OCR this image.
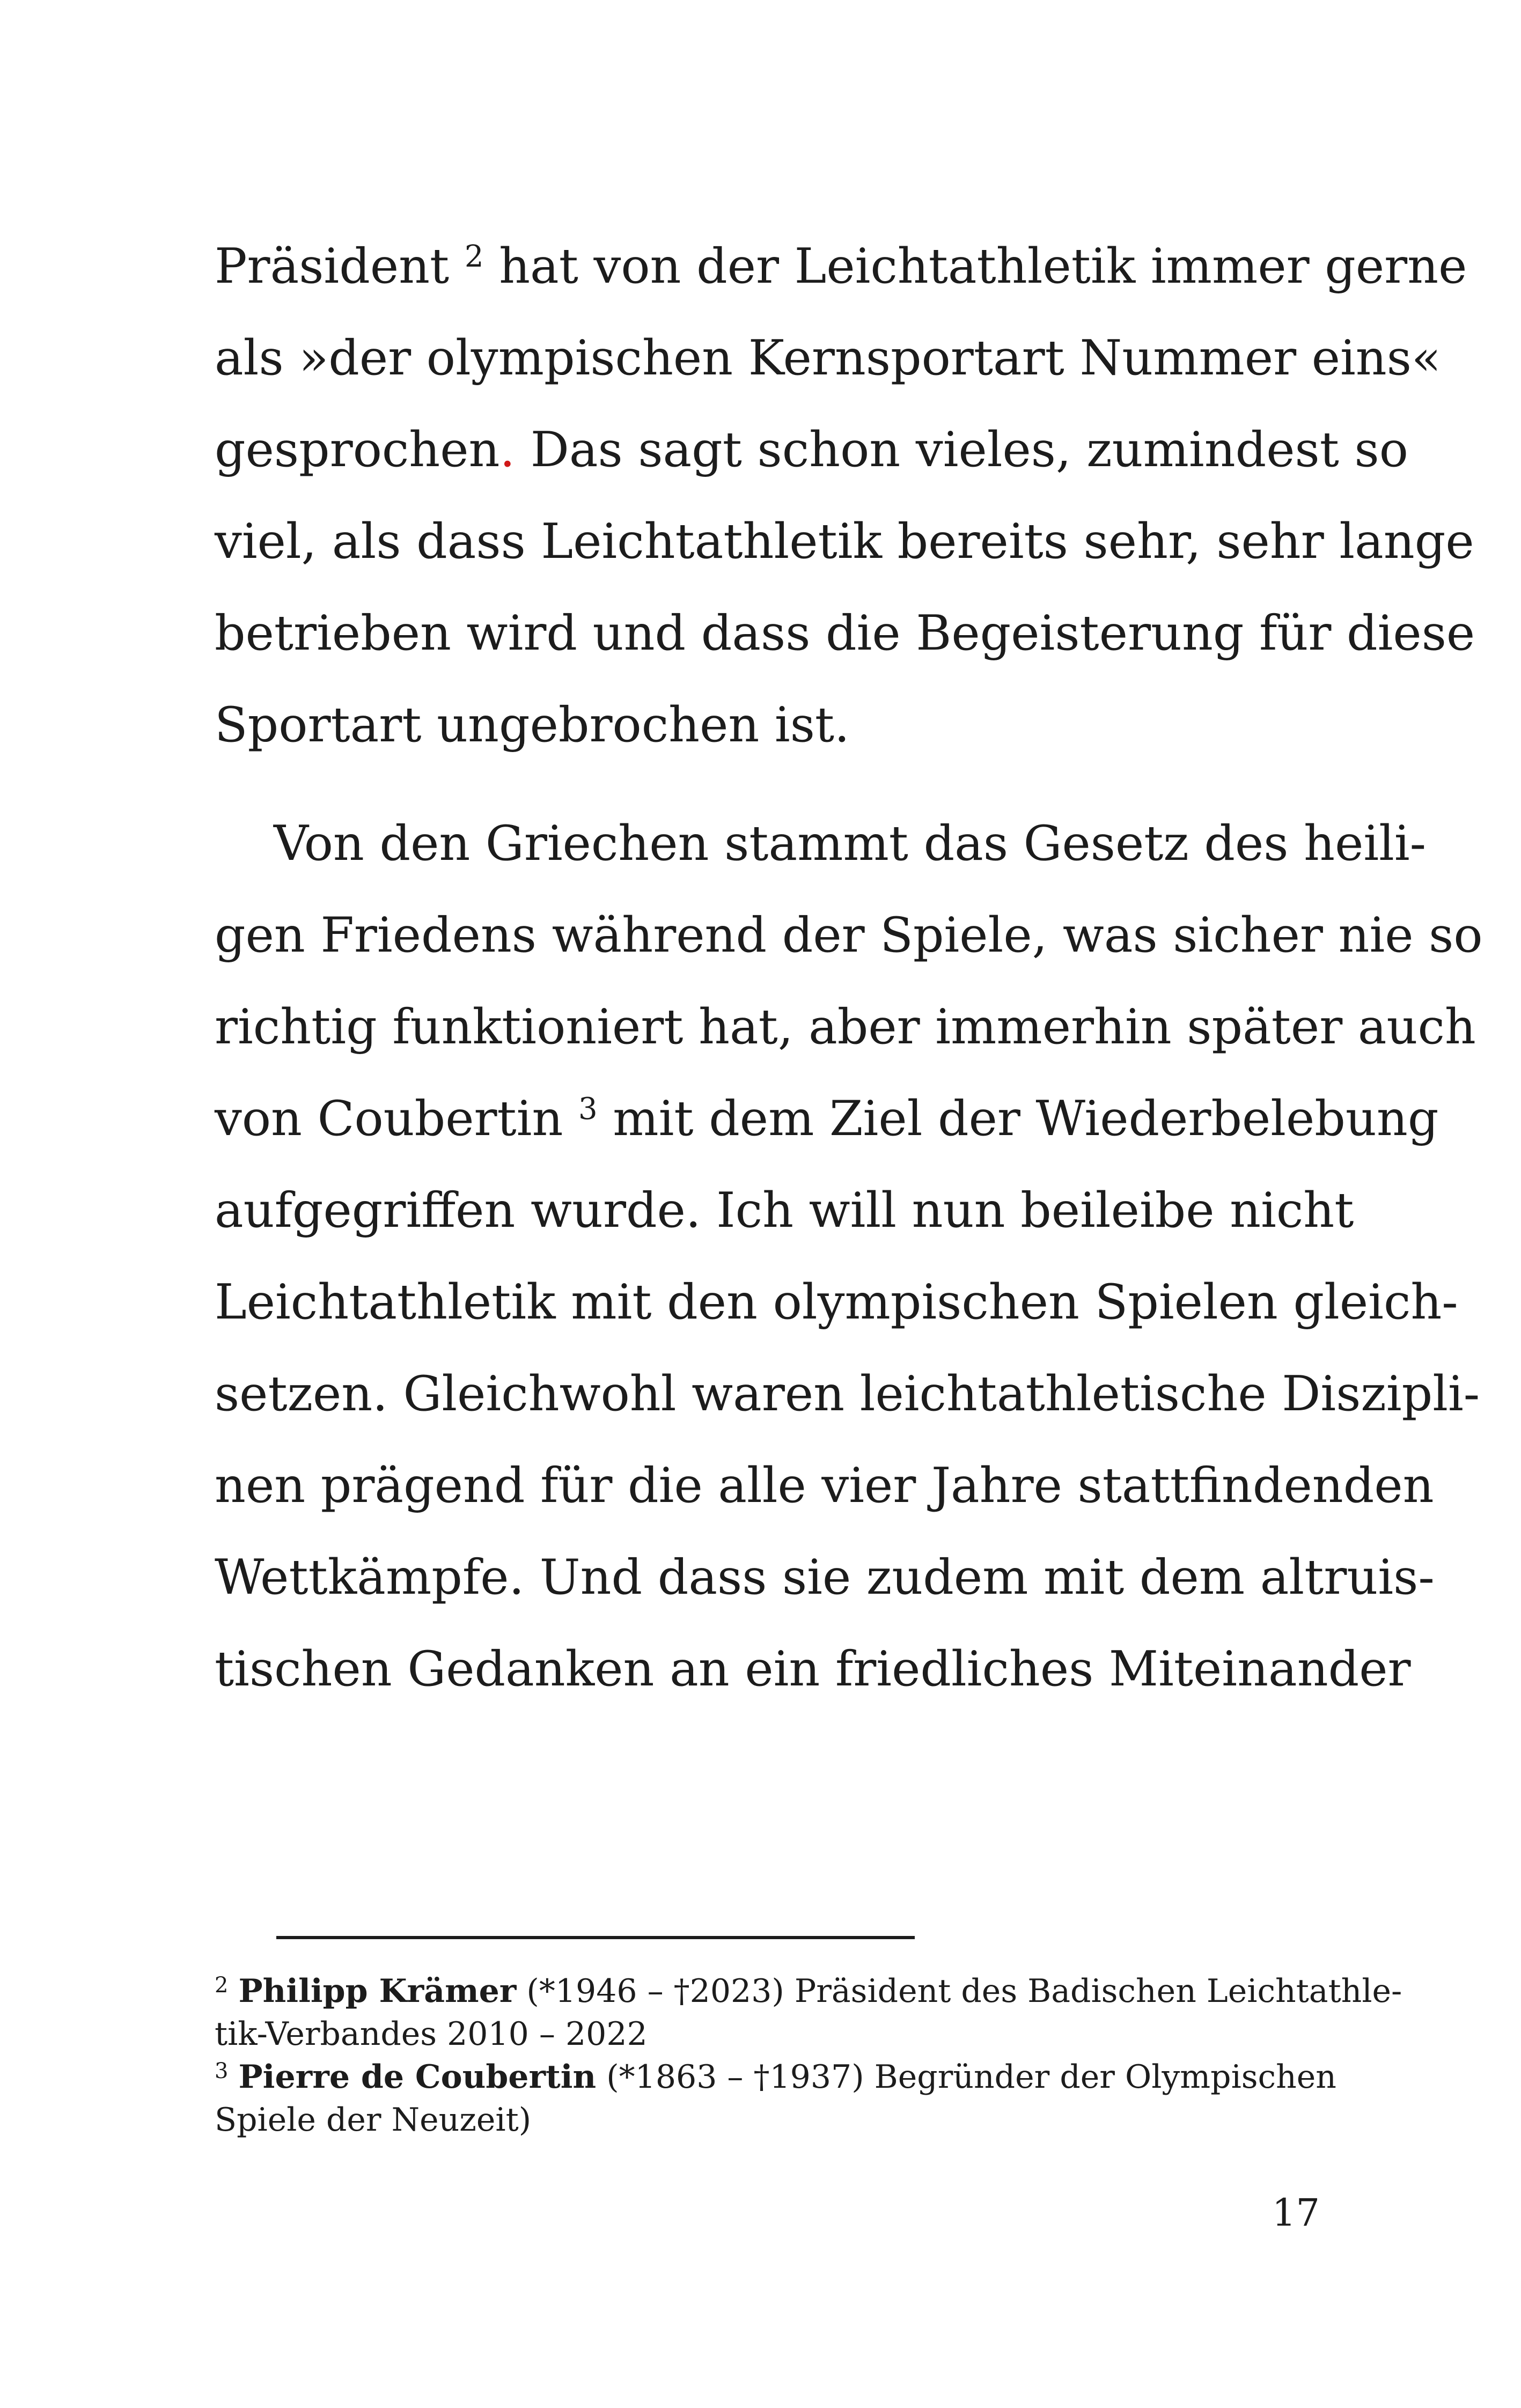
Präsident $^2$ hat von der Leichtathletik immer gerne
als »der olympischen Kernsportart Nummer eins«
gesprochen. Das sagt schon vieles, zumindest so
viel, als dass Leichtathletik bereits sehr, sehr lange
betrieben wird und dass die Begeisterung für diese
Sportart ungebrochen ist.
Von den Griechen stammt das Gesetz des heili-
gen Friedens während der Spiele, was sicher nie so
richtig funktioniert hat, aber immerhin später auch
von Coubertin $^3$ mit dem Ziel der Wiederbelebung
aufgegriffen wurde. Ich will nun beileibe nicht
Leichtathletik mit den olympischen Spielen gleich-
setzen. Gleichwohl waren leichtathletische Diszipli-
nen prägend für die alle vier Jahre stattfindenden
Wettkämpfe. Und dass sie zudem mit dem altruis-
tischen Gedanken an ein friedliches Miteinander
$^2$ Philipp Krämer (*1946 – †2023) Präsident des Badischen Leichtathle-
tik-Verbandes 2010 – 2022
$^3$ Pierre de Coubertin (*1863 – †1937) Begründer der Olympischen
Spiele der Neuzeit)
17
